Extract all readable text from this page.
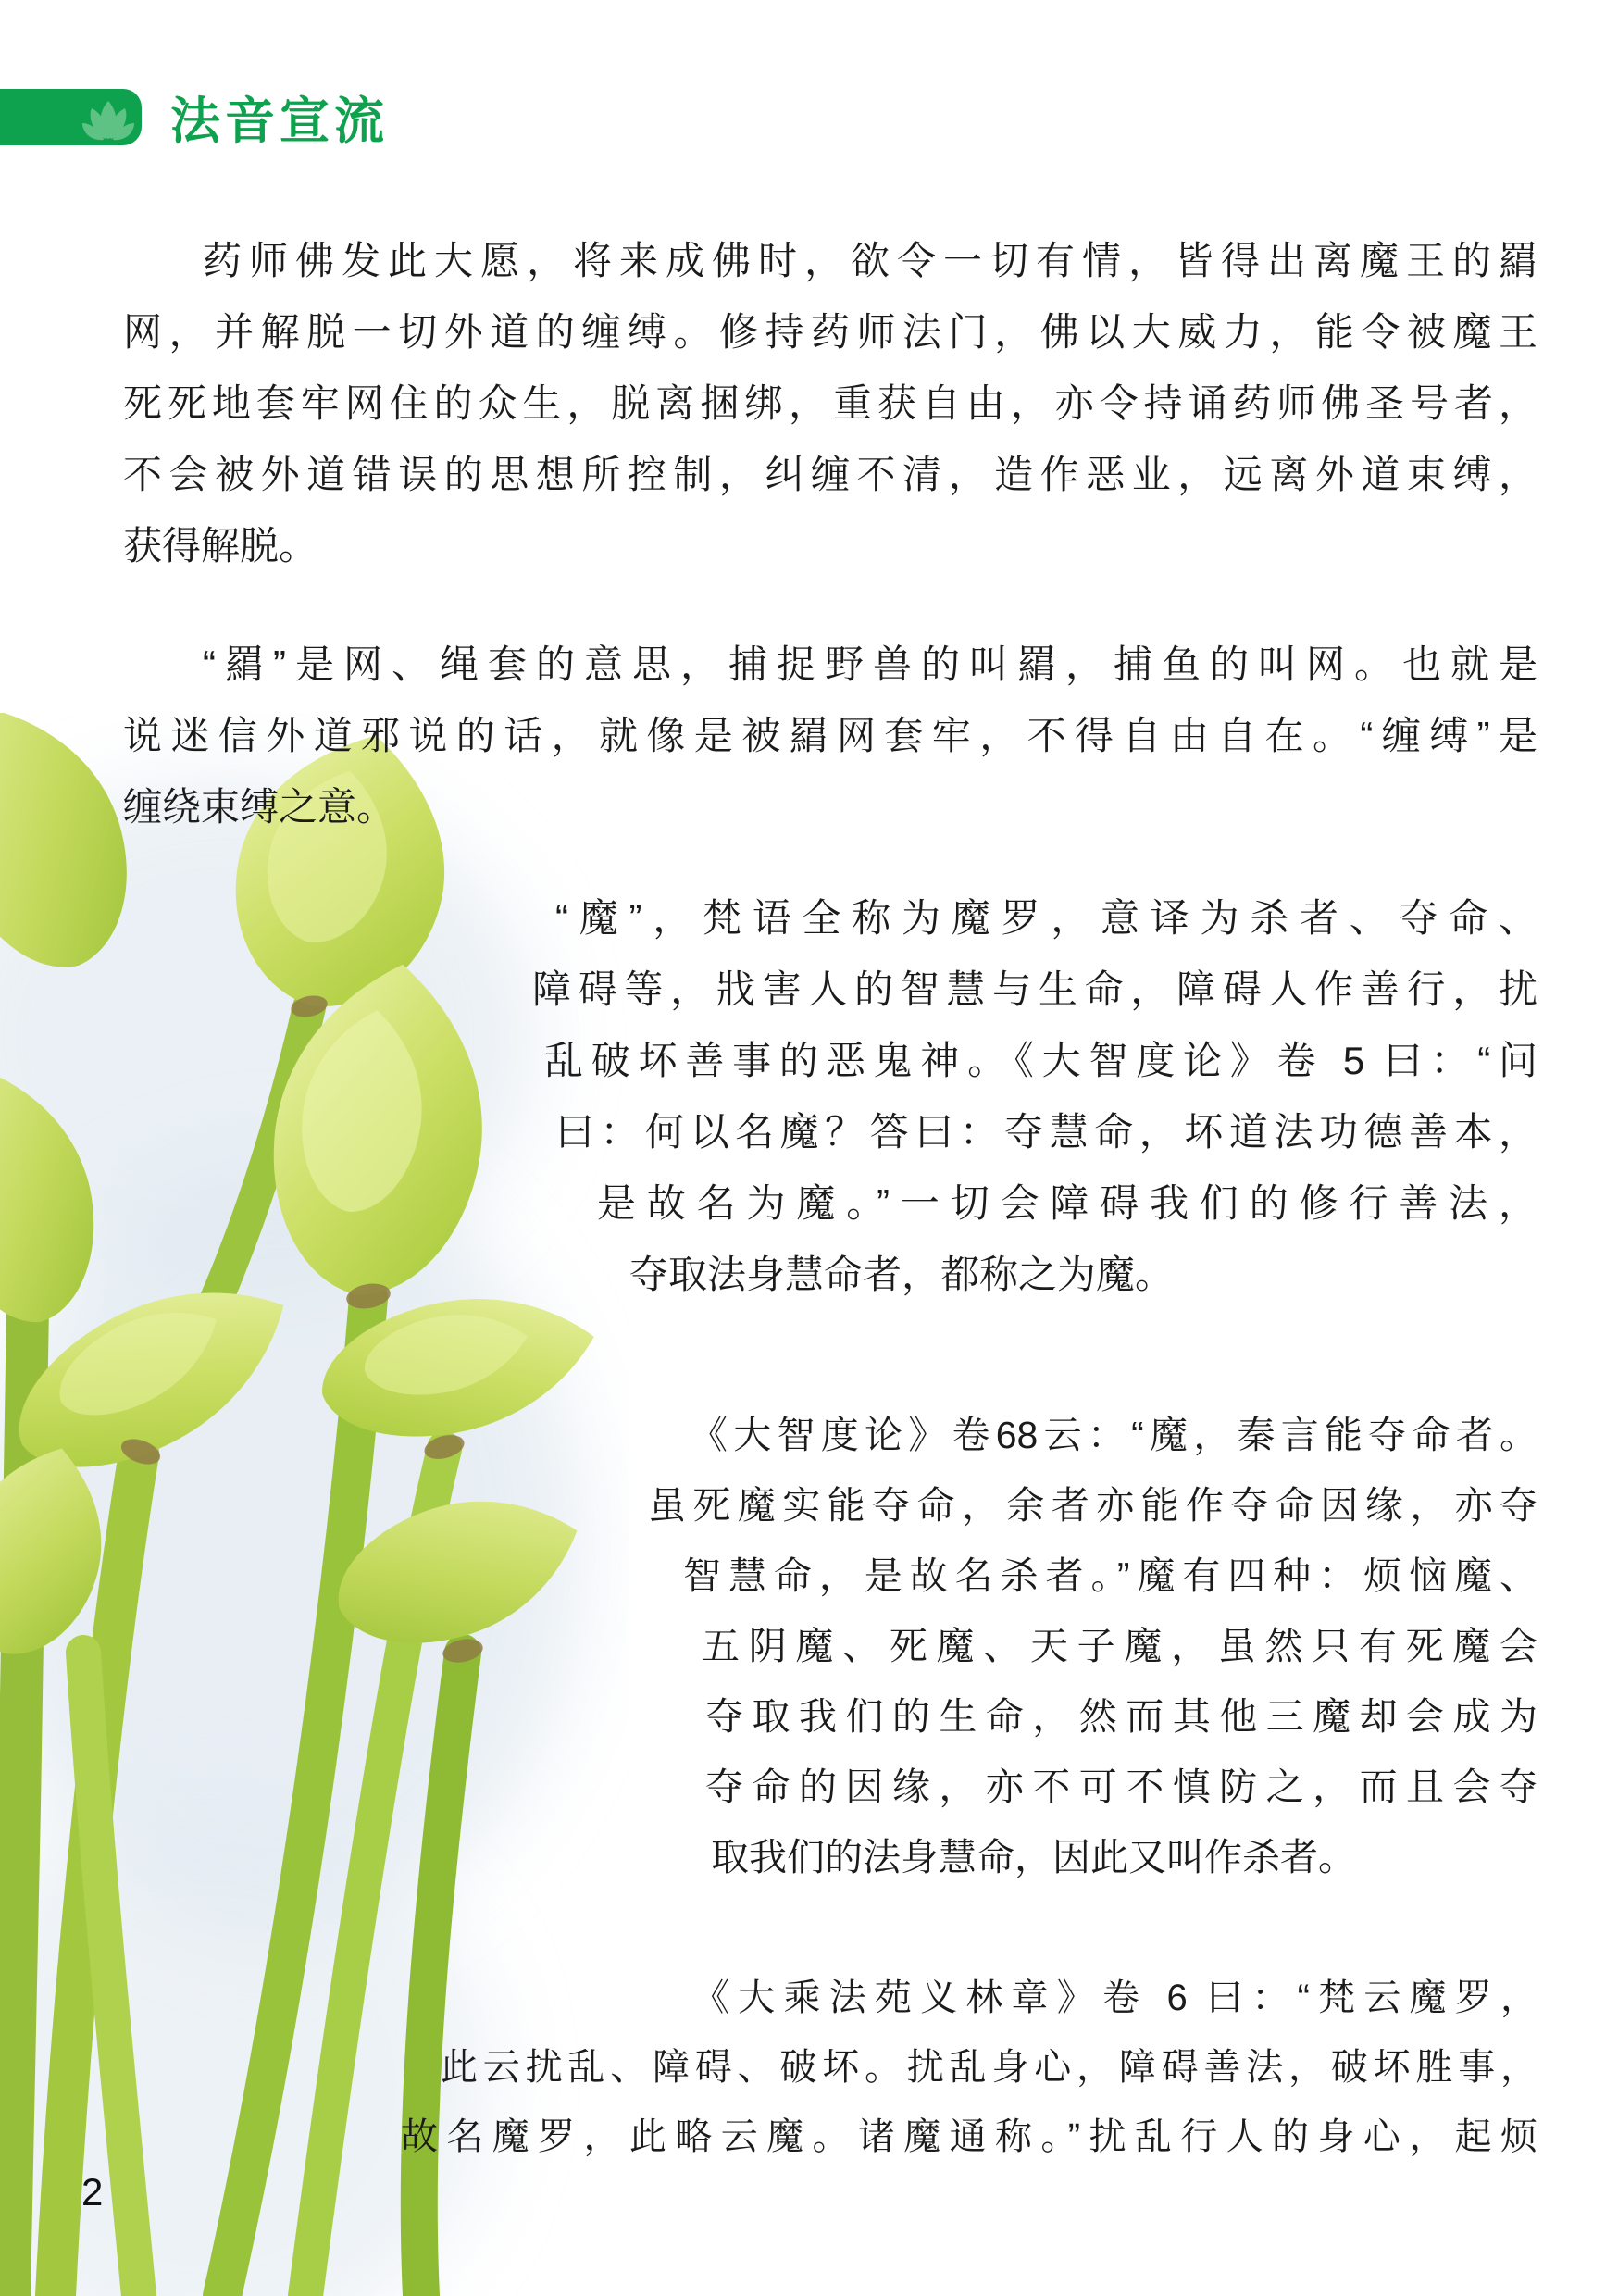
法音宣流
药师佛发此大愿，将来成佛时，欲令一切有情，皆得出离魔王的羂
网，并解脱一切外道的缠缚。修持药师法门，佛以大威力，能令被魔王
死死地套牢网住的众生，脱离捆绑，重获自由，亦令持诵药师佛圣号者，
不会被外道错误的思想所控制，纠缠不清，造作恶业，远离外道束缚，
获得解脱。
“羂”是网、绳套的意思，捕捉野兽的叫羂，捕鱼的叫网。也就是
说迷信外道邪说的话，就像是被羂网套牢，不得自由自在。“缠缚”是
缠绕束缚之意。
“魔”，梵语全称为魔罗，意译为杀者、夺命、
障碍等，戕害人的智慧与生命，障碍人作善行，扰
乱破坏善事的恶鬼神。《大智度论》卷 5 曰：“问
曰：何以名魔？答曰：夺慧命，坏道法功德善本，
是故名为魔。”一切会障碍我们的修行善法，
夺取法身慧命者，都称之为魔。
《大智度论》卷68云：“魔，秦言能夺命者。
虽死魔实能夺命，余者亦能作夺命因缘，亦夺
智慧命，是故名杀者。”魔有四种：烦恼魔、
五阴魔、死魔、天子魔，虽然只有死魔会
夺取我们的生命，然而其他三魔却会成为
夺命的因缘，亦不可不慎防之，而且会夺
取我们的法身慧命，因此又叫作杀者。
《大乘法苑义林章》卷 6 曰：“梵云魔罗，
此云扰乱、障碍、破坏。扰乱身心，障碍善法，破坏胜事，
故名魔罗，此略云魔。诸魔通称。”扰乱行人的身心，起烦
2
